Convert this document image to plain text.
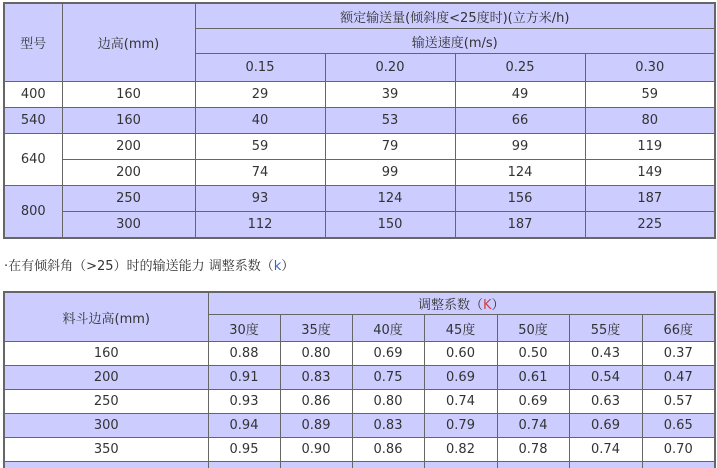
型号	边高(mm)	额定输送量(倾斜度<25度时)(立方米/h)			
		输送速度(m/s)			
		0.15	0.20	0.25	0.30
400	160	29	39	49	59
540	160	40	53	66	80
640	200	59	79	99	119
	200	74	99	124	149
800	250	93	124	156	187
	300	112	150	187	225

·在有倾斜角（>25）时的输送能力 调整系数（k）

料斗边高(mm)	调整系数（K）						
	30度	35度	40度	45度	50度	55度	66度
160	0.88	0.80	0.69	0.60	0.50	0.43	0.37
200	0.91	0.83	0.75	0.69	0.61	0.54	0.47
250	0.93	0.86	0.80	0.74	0.69	0.63	0.57
300	0.94	0.89	0.83	0.79	0.74	0.69	0.65
350	0.95	0.90	0.86	0.82	0.78	0.74	0.70
